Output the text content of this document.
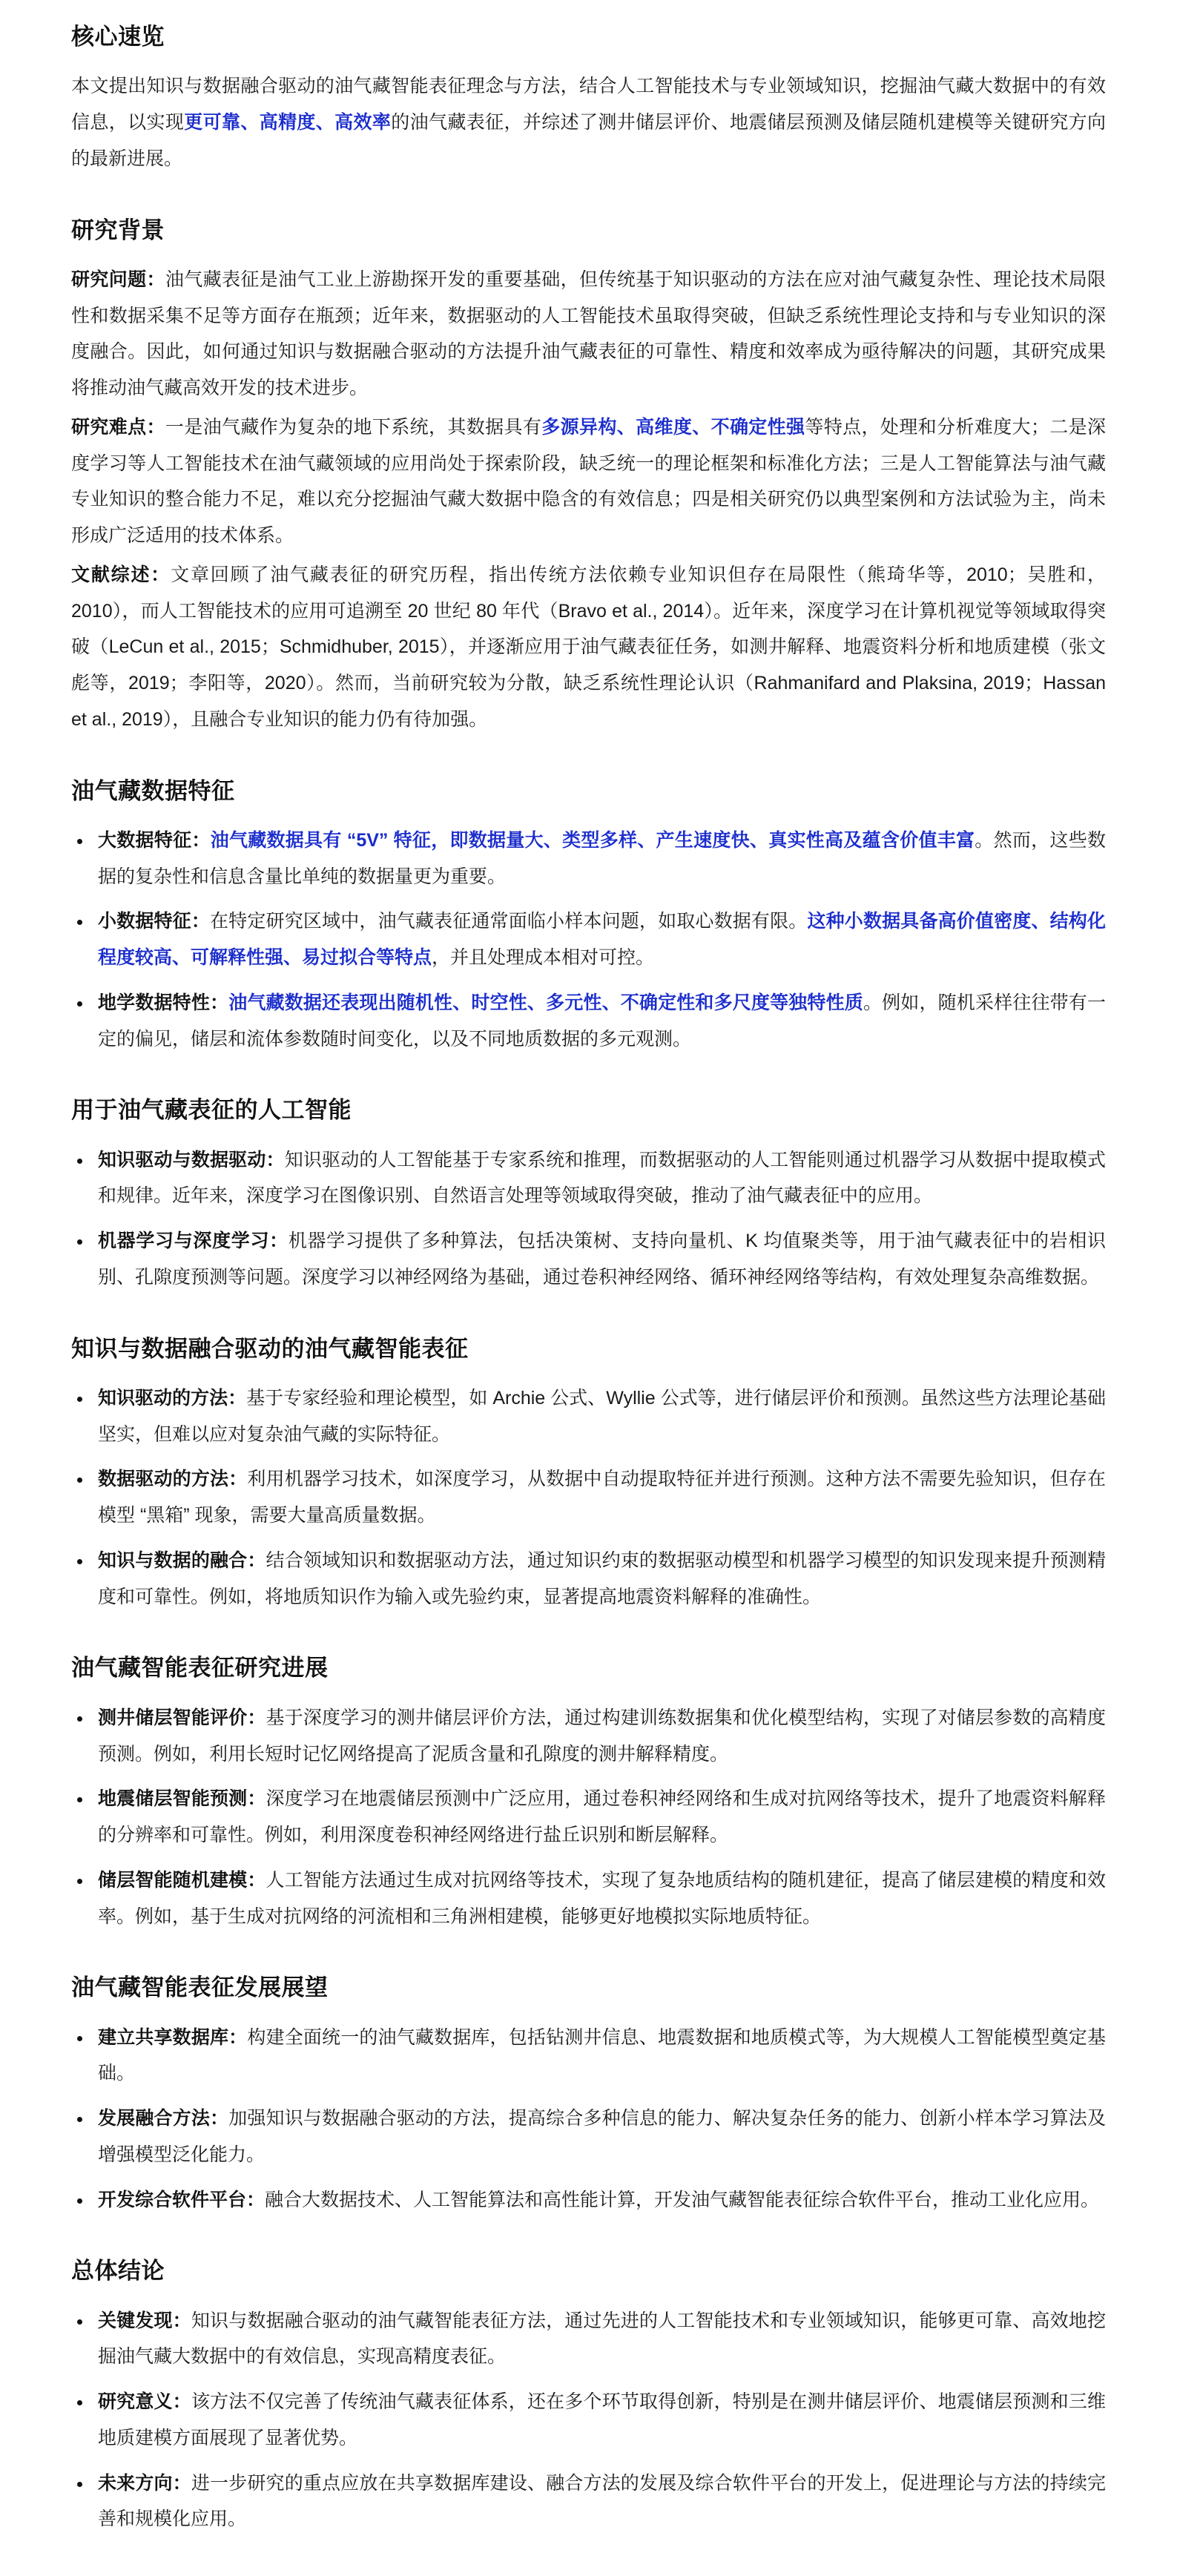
核心速览

本文提出知识与数据融合驱动的油气藏智能表征理念与方法，结合人工智能技术与专业领域知识，挖掘油气藏大数据中的有效信息，以实现更可靠、高精度、高效率的油气藏表征，并综述了测井储层评价、地震储层预测及储层随机建模等关键研究方向的最新进展。

研究背景

研究问题：油气藏表征是油气工业上游勘探开发的重要基础，但传统基于知识驱动的方法在应对油气藏复杂性、理论技术局限性和数据采集不足等方面存在瓶颈；近年来，数据驱动的人工智能技术虽取得突破，但缺乏系统性理论支持和与专业知识的深度融合。因此，如何通过知识与数据融合驱动的方法提升油气藏表征的可靠性、精度和效率成为亟待解决的问题，其研究成果将推动油气藏高效开发的技术进步。

研究难点：一是油气藏作为复杂的地下系统，其数据具有多源异构、高维度、不确定性强等特点，处理和分析难度大；二是深度学习等人工智能技术在油气藏领域的应用尚处于探索阶段，缺乏统一的理论框架和标准化方法；三是人工智能算法与油气藏专业知识的整合能力不足，难以充分挖掘油气藏大数据中隐含的有效信息；四是相关研究仍以典型案例和方法试验为主，尚未形成广泛适用的技术体系。

文献综述：文章回顾了油气藏表征的研究历程，指出传统方法依赖专业知识但存在局限性（熊琦华等，2010；吴胜和，2010），而人工智能技术的应用可追溯至 20 世纪 80 年代（Bravo et al., 2014）。近年来，深度学习在计算机视觉等领域取得突破（LeCun et al., 2015；Schmidhuber, 2015），并逐渐应用于油气藏表征任务，如测井解释、地震资料分析和地质建模（张文彪等，2019；李阳等，2020）。然而，当前研究较为分散，缺乏系统性理论认识（Rahmanifard and Plaksina, 2019；Hassan et al., 2019），且融合专业知识的能力仍有待加强。

油气藏数据特征
大数据特征：油气藏数据具有 “5V” 特征，即数据量大、类型多样、产生速度快、真实性高及蕴含价值丰富。然而，这些数据的复杂性和信息含量比单纯的数据量更为重要。
小数据特征：在特定研究区域中，油气藏表征通常面临小样本问题，如取心数据有限。这种小数据具备高价值密度、结构化程度较高、可解释性强、易过拟合等特点，并且处理成本相对可控。
地学数据特性：油气藏数据还表现出随机性、时空性、多元性、不确定性和多尺度等独特性质。例如，随机采样往往带有一定的偏见，储层和流体参数随时间变化，以及不同地质数据的多元观测。
用于油气藏表征的人工智能
知识驱动与数据驱动：知识驱动的人工智能基于专家系统和推理，而数据驱动的人工智能则通过机器学习从数据中提取模式和规律。近年来，深度学习在图像识别、自然语言处理等领域取得突破，推动了油气藏表征中的应用。
机器学习与深度学习：机器学习提供了多种算法，包括决策树、支持向量机、K 均值聚类等，用于油气藏表征中的岩相识别、孔隙度预测等问题。深度学习以神经网络为基础，通过卷积神经网络、循环神经网络等结构，有效处理复杂高维数据。
知识与数据融合驱动的油气藏智能表征
知识驱动的方法：基于专家经验和理论模型，如 Archie 公式、Wyllie 公式等，进行储层评价和预测。虽然这些方法理论基础坚实，但难以应对复杂油气藏的实际特征。
数据驱动的方法：利用机器学习技术，如深度学习，从数据中自动提取特征并进行预测。这种方法不需要先验知识，但存在模型 “黑箱” 现象，需要大量高质量数据。
知识与数据的融合：结合领域知识和数据驱动方法，通过知识约束的数据驱动模型和机器学习模型的知识发现来提升预测精度和可靠性。例如，将地质知识作为输入或先验约束，显著提高地震资料解释的准确性。
油气藏智能表征研究进展
测井储层智能评价：基于深度学习的测井储层评价方法，通过构建训练数据集和优化模型结构，实现了对储层参数的高精度预测。例如，利用长短时记忆网络提高了泥质含量和孔隙度的测井解释精度。
地震储层智能预测：深度学习在地震储层预测中广泛应用，通过卷积神经网络和生成对抗网络等技术，提升了地震资料解释的分辨率和可靠性。例如，利用深度卷积神经网络进行盐丘识别和断层解释。
储层智能随机建模：人工智能方法通过生成对抗网络等技术，实现了复杂地质结构的随机建征，提高了储层建模的精度和效率。例如，基于生成对抗网络的河流相和三角洲相建模，能够更好地模拟实际地质特征。
油气藏智能表征发展展望
建立共享数据库：构建全面统一的油气藏数据库，包括钻测井信息、地震数据和地质模式等，为大规模人工智能模型奠定基础。
发展融合方法：加强知识与数据融合驱动的方法，提高综合多种信息的能力、解决复杂任务的能力、创新小样本学习算法及增强模型泛化能力。
开发综合软件平台：融合大数据技术、人工智能算法和高性能计算，开发油气藏智能表征综合软件平台，推动工业化应用。
总体结论
关键发现：知识与数据融合驱动的油气藏智能表征方法，通过先进的人工智能技术和专业领域知识，能够更可靠、高效地挖掘油气藏大数据中的有效信息，实现高精度表征。
研究意义：该方法不仅完善了传统油气藏表征体系，还在多个环节取得创新，特别是在测井储层评价、地震储层预测和三维地质建模方面展现了显著优势。
未来方向：进一步研究的重点应放在共享数据库建设、融合方法的发展及综合软件平台的开发上，促进理论与方法的持续完善和规模化应用。
